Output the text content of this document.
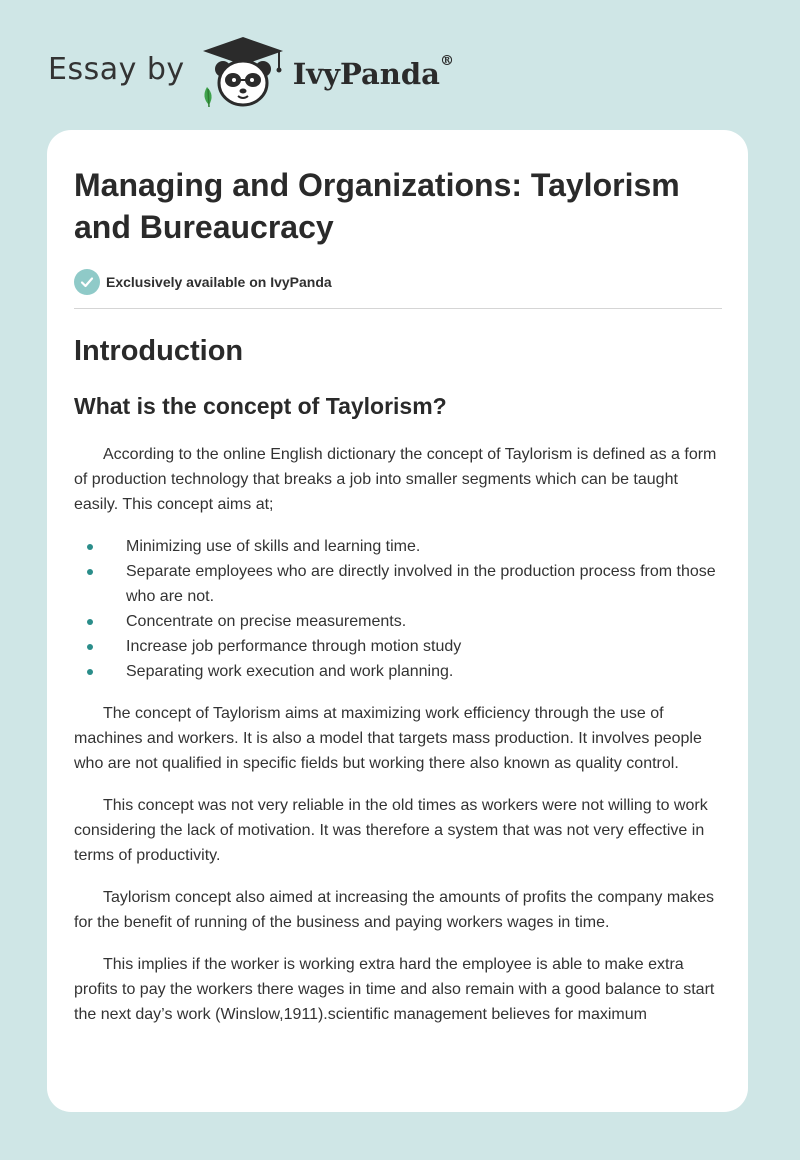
Essay by	IvyPanda®
Managing and Organizations: Taylorism and Bureaucracy
Exclusively available on IvyPanda
Introduction
What is the concept of Taylorism?

According to the online English dictionary the concept of Taylorism is defined as a form of production technology that breaks a job into smaller segments which can be taught easily. This concept aims at;

Minimizing use of skills and learning time.
Separate employees who are directly involved in the production process from those who are not.
Concentrate on precise measurements.
Increase job performance through motion study
Separating work execution and work planning.

The concept of Taylorism aims at maximizing work efficiency through the use of machines and workers. It is also a model that targets mass production. It involves people who are not qualified in specific fields but working there also known as quality control.

This concept was not very reliable in the old times as workers were not willing to work considering the lack of motivation. It was therefore a system that was not very effective in terms of productivity.

Taylorism concept also aimed at increasing the amounts of profits the company makes for the benefit of running of the business and paying workers wages in time.

This implies if the worker is working extra hard the employee is able to make extra profits to pay the workers there wages in time and also remain with a good balance to start the next day’s work (Winslow,1911).scientific management believes for maximum
